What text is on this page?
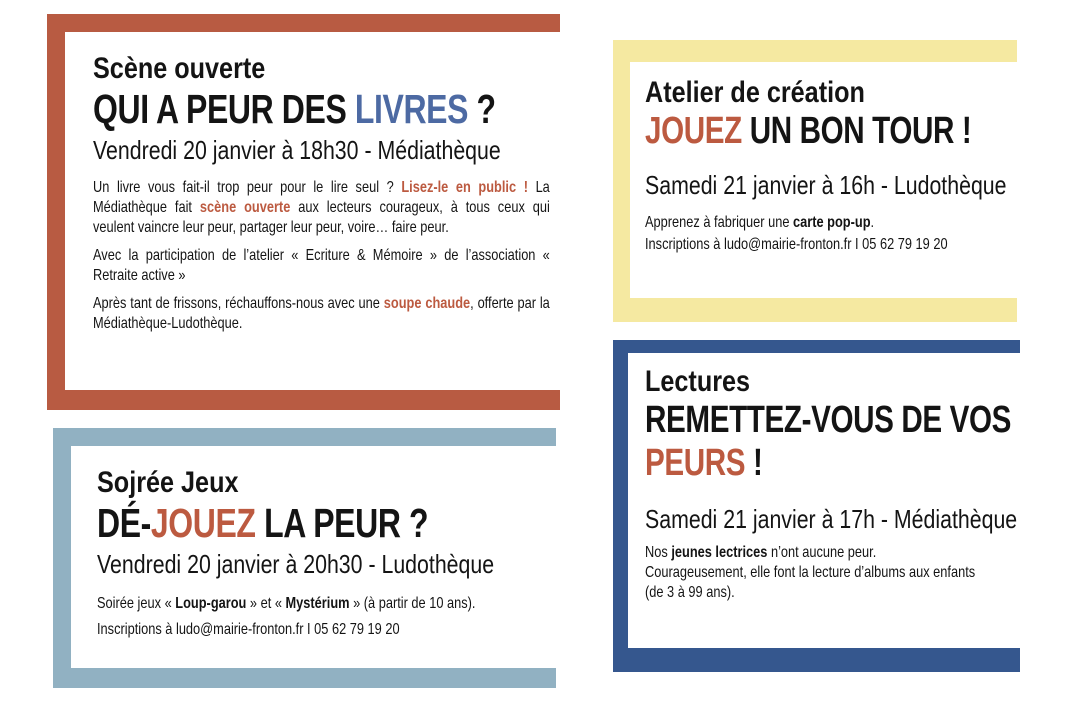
Scène ouverte
QUI A PEUR DES LIVRES ?
Vendredi 20 janvier à 18h30 - Médiathèque

Un livre vous fait-il trop peur pour le lire seul ? Lisez-le en public ! La Médiathèque fait scène ouverte aux lecteurs courageux, à tous ceux qui veulent vaincre leur peur, partager leur peur, voire… faire peur.

Avec la participation de l’atelier « Ecriture & Mémoire » de l’association « Retraite active »

Après tant de frissons, réchauffons-nous avec une soupe chaude, offerte par la Médiathèque-Ludothèque.

Sojrée Jeux
DÉ-JOUEZ LA PEUR ?
Vendredi 20 janvier à 20h30 - Ludothèque

Soirée jeux « Loup-garou » et « Mystérium » (à partir de 10 ans).

Inscriptions à ludo@mairie-fronton.fr I 05 62 79 19 20

Atelier de création
JOUEZ UN BON TOUR !
Samedi 21 janvier à 16h - Ludothèque

Apprenez à fabriquer une carte pop-up.

Inscriptions à ludo@mairie-fronton.fr I 05 62 79 19 20

Lectures
REMETTEZ-VOUS DE VOS
PEURS !
Samedi 21 janvier à 17h - Médiathèque

Nos jeunes lectrices n’ont aucune peur.

Courageusement, elle font la lecture d’albums aux enfants (de 3 à 99 ans).
